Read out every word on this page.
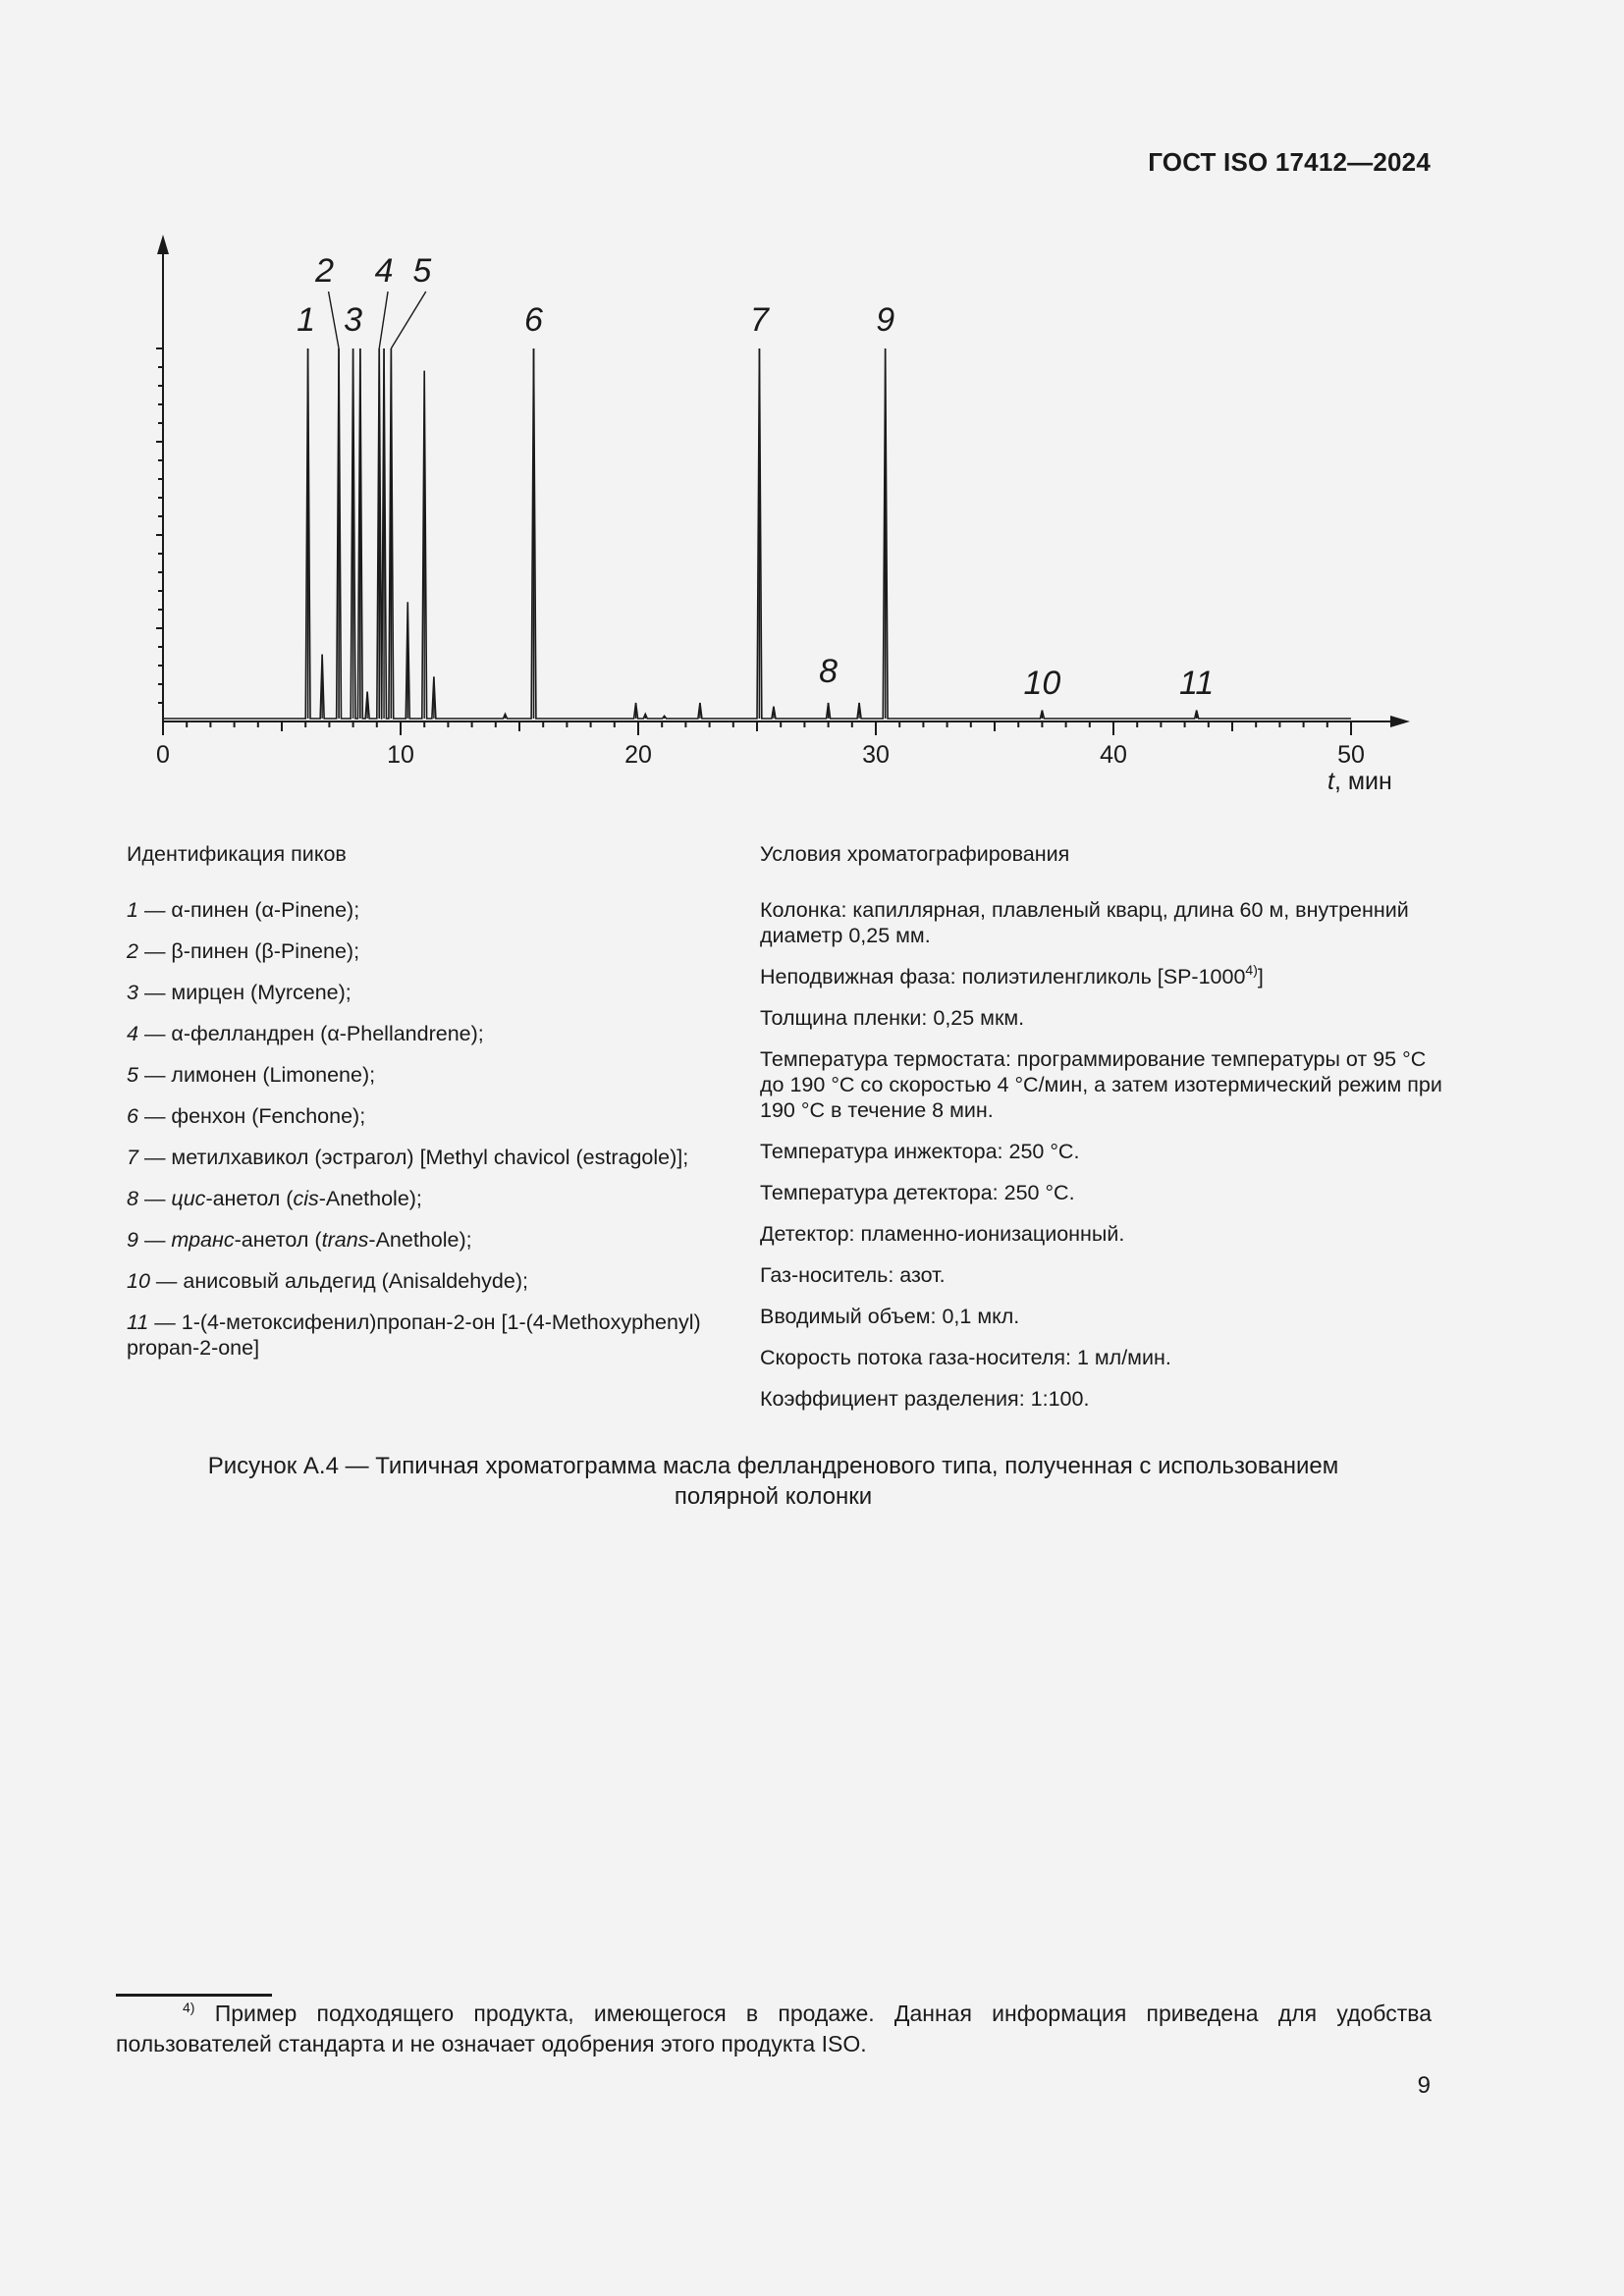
ГОСТ ISO 17412—2024
0	10	20	30	40	50
1
2
3
4 5
6	7
8
9
10	11
t, мин
Идентификация пиков
1 — α-пинен (α-Pinene);
2 — β-пинен (β-Pinene);
3 — мирцен (Myrcene);
4 — α-фелландрен (α-Phellandrene);
5 — лимонен (Limonene);
6 — фенхон (Fenchone);
7 — метилхавикол (эстрагол) [Methyl chavicol (estragole)];
8 — цис-анетол (cis-Anethole);
9 — транс-анетол (trans-Anethole);
10 — анисовый альдегид (Anisaldehyde);
11 — 1-(4-метоксифенил)пропан-2-он [1-(4-Methoxyphenyl) propan-2-one]
Условия хроматографирования
Колонка: капиллярная, плавленый кварц, длина 60 м, внутренний диаметр 0,25 мм.
Неподвижная фаза: полиэтиленгликоль [SP-1000$^{4)}$]
Толщина пленки: 0,25 мкм.
Температура термостата: программирование температуры от 95 °С до 190 °С со скоростью 4 °С/мин, а затем изотермический режим при 190 °С в течение 8 мин.
Температура инжектора: 250 °С.
Температура детектора: 250 °С.
Детектор: пламенно-ионизационный.
Газ-носитель: азот.
Вводимый объем: 0,1 мкл.
Скорость потока газа-носителя: 1 мл/мин.
Коэффициент разделения: 1:100.
Рисунок А.4 — Типичная хроматограмма масла фелландренового типа, полученная с использованием
полярной колонки
$^{4)}$ Пример подходящего продукта, имеющегося в продаже. Данная информация приведена для удобства пользователей стандарта и не означает одобрения этого продукта ISO.
9
